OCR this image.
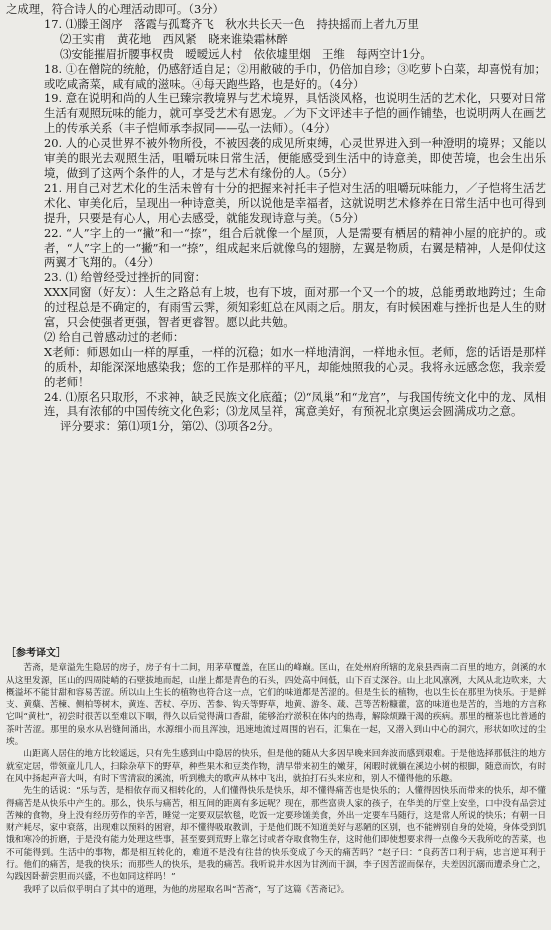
之成理，符合诗人的心理活动即可。（3分）

17. ⑴滕王阁序　落霞与孤鹜齐飞　秋水共长天一色　持抉摇而上者九万里

⑵王实甫　黄花地　西风紧　晓来谁染霜林醉

⑶安能摧眉折腰事权贵　暧暧远人村　依依墟里烟　王维　每两空计1分。

18. ①在僧院的统舱，仍感舒适自足；②用敝破的手巾，仍倍加自珍；③吃萝卜白菜，却喜悦有加；或吃咸斋菜，咸有咸的滋味。④每天跑些路，也是好的。（4分）

19. 意在说明和尚的人生已臻宗教境界与艺术境界，具恬淡风格，也说明生活的艺术化，只要对日常生活有观照玩味的能力，就可享受艺术有恩宠。／为下文评述丰子恺的画作铺垫，也说明两人在画艺上的传承关系（丰子恺师承李叔同——弘一法师）。（4分）

20. 人的心灵世界不被外物所役，不被因袭的成见所束缚，心灵世界进入到一种澄明的境界；又能以审美的眼光去观照生活，咀嚼玩味日常生活，便能感受到生活中的诗意美，即使苦境，也会生出乐境，做到了这两个条件的人，才是与艺术有缘份的人。（5分）

21. 用自己对艺术化的生活未曾有十分的把握来衬托丰子恺对生活的咀嚼玩味能力，／子恺将生活艺术化、审美化后，呈现出一种诗意美，所以说他是幸福者，这就说明艺术修养在日常生活中也可得到提升，只要是有心人，用心去感受，就能发现诗意与美。（5分）

22. “人”字上的一“撇”和一“捺”，组合后就像一个屋顶，人是需要有栖居的精神小屋的庇护的。或者，“人”字上的一“撇”和一“捺”，组成起来后就像鸟的翅膀，左翼是物质，右翼是精神，人是仰仗这两翼才飞翔的。（4分）

23. ⑴ 给曾经受过挫折的同窗：

XXX同窗（好友）：人生之路总有上坡，也有下坡，面对那一个又一个的坡，总能勇敢地跨过；生命的过程总是不确定的，有雨雪云霁，须知彩虹总在风雨之后。朋友，有时候困难与挫折也是人生的财富，只会使强者更强，智者更睿智。愿以此共勉。

⑵ 给自己曾感动过的老师：

X老师：师恩如山一样的厚重，一样的沉稳；如水一样地清润，一样地永恒。老师，您的话语是那样的质朴，却能深深地感染我；您的工作是那样的平凡，却能烛照我的心灵。我将永远感念您，我亲爱的老师！

24. ⑴原名只取形，不求神，缺乏民族文化底蕴；⑵“凤巢”和“龙宫”，与我国传统文化中的龙、凤相连，具有浓郁的中国传统文化色彩；⑶龙凤呈祥，寓意美好，有预祝北京奥运会圆满成功之意。

评分要求：第⑴项1分，第⑵、⑶项各2分。

［参考译文］

苦斋，是章溢先生隐居的房子，房子有十二间，用茅草覆盖，在匡山的峰巅。匡山，在处州府所辖的龙泉县西南二百里的地方，剑溪的水从这里发源，匡山的四周陡峭的石壁拔地而起，山崖上都是青色的石头，四处高中间低，山下百丈深谷。山上北风凛冽，大风从北边吹来，大概溢坏不能甘甜和容易苦涩。所以山上生长的植物也符合这一点，它们的味道都是苦涩的。但是生长的植物，也以生长在那里为快乐。于是鲜支、黄蘖、苦楝、侧柏等树木，黄连、苦杖、亭历、苦参、钩夭等野草，地黄、游冬、葴、芑等苦粉糠藿，富的味道也是苦的，当地的方言称它叫“黄杜”，初尝时很苦以至难以下咽，得久以后觉得满口香甜，能够治疗淤积在体内的热毒，解除烦躁干渴的疾病。那里的檀茶也比普通的茶叶苦涩。那里的泉水从岩缝间涌出，水源细小而且浑浊，迅速地流过周围的岩石，汇集在一起，又潜入到山中心的洞穴，形状如吹过的尘埃。

山距离人居住的地方比较遥远，只有先生感到山中隐居的快乐，但是他的随从大多因早晚来回奔波而感到艰难。于是他选择那低注的地方就室定居，带领童儿几人，扫除杂草下的野草，种些果木和豆类作物，清早带来初生的嫩芽，闲暇时就躺在溪边小树的根脚，随意而饮，有时在风中扬起声音大叫，有时下雪清寂的溪流，听到樵夫的歌声从林中飞出，就拍打石头来应和，别人不懂得他的乐趣。

先生的话说：“乐与苦，是相依存而又相转化的，人们懂得快乐是快乐，却不懂得痛苦也是快乐的；人懂得因快乐而带来的快乐，却不懂得痛苦是从快乐中产生的。那么，快乐与痛苦，相互间的距离有多远呢？现在，那些富贵人家的孩子，在华美的厅堂上安坐，口中没有品尝过苦辣的食物，身上没有经历劳作的辛苦，睡觉一定要双层软毯，吃饭一定要珍馐美食，外出一定要车马随行，这是常人所说的快乐；有朝一日财产耗尽，家中衰落，出现难以预料的困窘，却不懂得吸取教训，于是他们既不知道美好与恶陋的区别，也不能辨别自身的处境，身体受到饥饿和寒冷的折磨，于是没有能力处理这些事，甚至要到荒野上靠乞讨或者夺取食物生存，这时他们即使想要求得一点像今天我所吃的苦菜，也不可能得到。生活中的事物，都是相互转化的，难道不是没有往昔的快乐变成了今天的痛苦吗？”赵子曰：“良药苦口利于病，忠言逆耳利于行。他们的痛苦，是我的快乐；而那些人的快乐，是我的痛苦。我听说井水因为甘洌而干涸，李子因苦涩而保存，夫差因沉溺而遭杀身亡之，勾践因卧薪尝胆而兴盛，不也如同这样吗！”

我呼了以后似乎明白了其中的道理，为他的房屋取名叫“苦斋”，写了这篇《苦斋记》。
